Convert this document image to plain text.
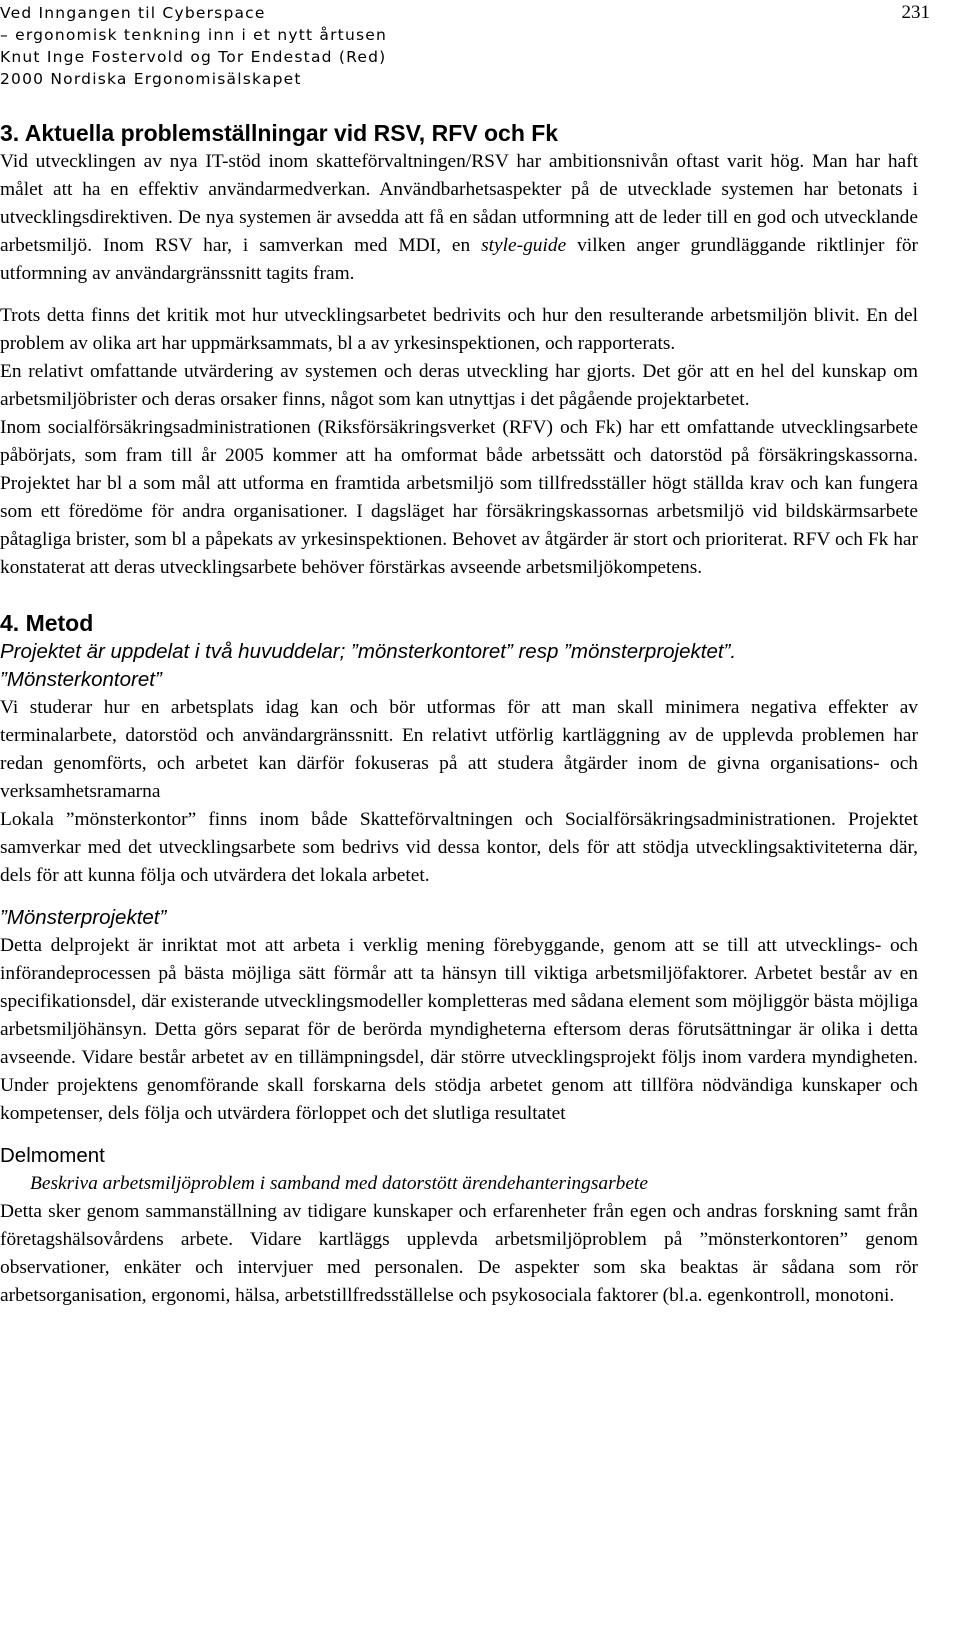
Ved Inngangen til Cyberspace
– ergonomisk tenkning inn i et nytt årtusen
Knut Inge Fostervold og Tor Endestad (Red)
2000 Nordiska Ergonomisälskapet
231
3. Aktuella problemställningar vid RSV, RFV och Fk

Vid utvecklingen av nya IT-stöd inom skatteförvaltningen/RSV har ambitionsnivån oftast varit hög. Man har haft målet att ha en effektiv användarmedverkan. Användbarhetsaspekter på de utvecklade systemen har betonats i utvecklingsdirektiven. De nya systemen är avsedda att få en sådan utformning att de leder till en god och utvecklande arbetsmiljö. Inom RSV har, i samverkan med MDI, en style-guide vilken anger grundläggande riktlinjer för utformning av användargränssnitt tagits fram.

Trots detta finns det kritik mot hur utvecklingsarbetet bedrivits och hur den resulterande arbetsmiljön blivit. En del problem av olika art har uppmärksammats, bl a av yrkesinspektionen, och rapporterats.

En relativt omfattande utvärdering av systemen och deras utveckling har gjorts. Det gör att en hel del kunskap om arbetsmiljöbrister och deras orsaker finns, något som kan utnyttjas i det pågående projektarbetet.

Inom socialförsäkringsadministrationen (Riksförsäkringsverket (RFV) och Fk) har ett omfattande utvecklingsarbete påbörjats, som fram till år 2005 kommer att ha omformat både arbetssätt och datorstöd på försäkringskassorna. Projektet har bl a som mål att utforma en framtida arbetsmiljö som tillfredsställer högt ställda krav och kan fungera som ett föredöme för andra organisationer. I dagsläget har försäkringskassornas arbetsmiljö vid bildskärmsarbete påtagliga brister, som bl a påpekats av yrkesinspektionen. Behovet av åtgärder är stort och prioriterat. RFV och Fk har konstaterat att deras utvecklingsarbete behöver förstärkas avseende arbetsmiljökompetens.

4. Metod

Projektet är uppdelat i två huvuddelar; ”mönsterkontoret” resp ”mönsterprojektet”.

”Mönsterkontoret”

Vi studerar hur en arbetsplats idag kan och bör utformas för att man skall minimera negativa effekter av terminalarbete, datorstöd och användargränssnitt. En relativt utförlig kartläggning av de upplevda problemen har redan genomförts, och arbetet kan därför fokuseras på att studera åtgärder inom de givna organisations- och verksamhetsramarna

Lokala ”mönsterkontor” finns inom både Skatteförvaltningen och Socialförsäkringsadministrationen. Projektet samverkar med det utvecklingsarbete som bedrivs vid dessa kontor, dels för att stödja utvecklingsaktiviteterna där, dels för att kunna följa och utvärdera det lokala arbetet.

”Mönsterprojektet”

Detta delprojekt är inriktat mot att arbeta i verklig mening förebyggande, genom att se till att utvecklings- och införandeprocessen på bästa möjliga sätt förmår att ta hänsyn till viktiga arbetsmiljöfaktorer. Arbetet består av en specifikationsdel, där existerande utvecklingsmodeller kompletteras med sådana element som möjliggör bästa möjliga arbetsmiljöhänsyn. Detta görs separat för de berörda myndigheterna eftersom deras förutsättningar är olika i detta avseende. Vidare består arbetet av en tillämpningsdel, där större utvecklingsprojekt följs inom vardera myndigheten. Under projektens genomförande skall forskarna dels stödja arbetet genom att tillföra nödvändiga kunskaper och kompetenser, dels följa och utvärdera förloppet och det slutliga resultatet

Delmoment

Beskriva arbetsmiljöproblem i samband med datorstött ärendehanteringsarbete

Detta sker genom sammanställning av tidigare kunskaper och erfarenheter från egen och andras forskning samt från företagshälsovårdens arbete. Vidare kartläggs upplevda arbetsmiljöproblem på ”mönsterkontoren” genom observationer, enkäter och intervjuer med personalen. De aspekter som ska beaktas är sådana som rör arbetsorganisation, ergonomi, hälsa, arbetstillfredsställelse och psykosociala faktorer (bl.a. egenkontroll, monotoni.
